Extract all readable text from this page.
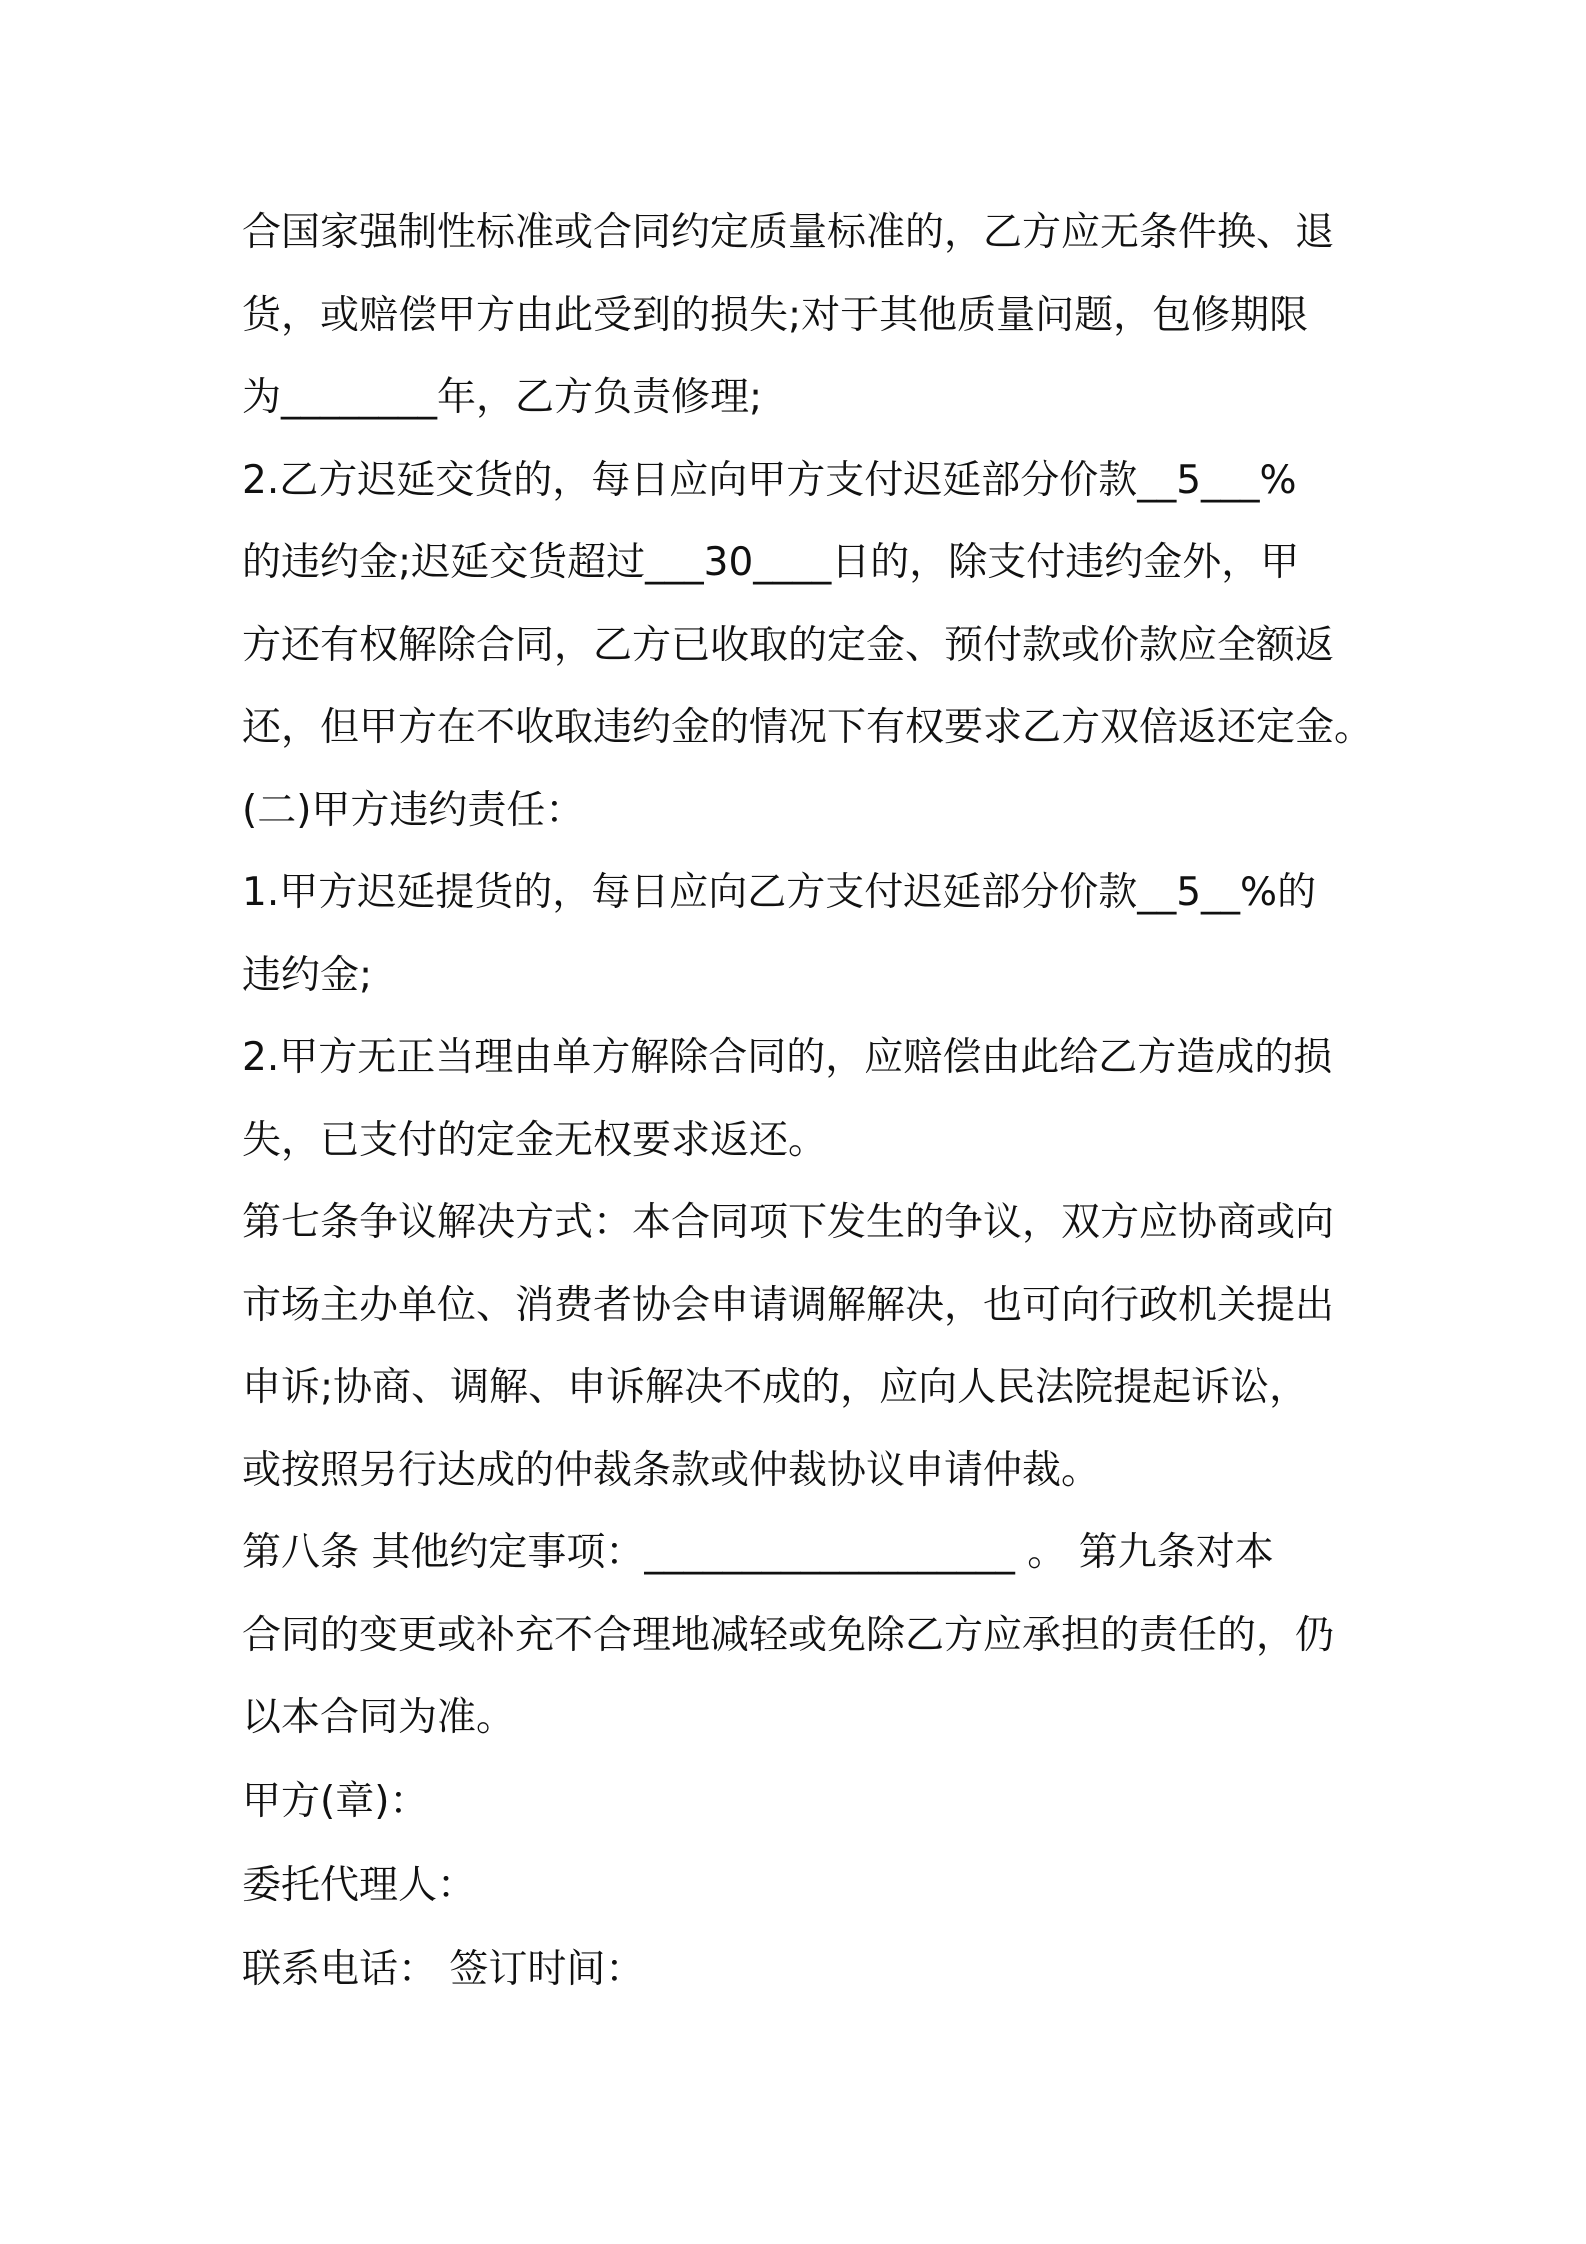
合国家强制性标准或合同约定质量标准的，乙方应无条件换、退
货，或赔偿甲方由此受到的损失;对于其他质量问题，包修期限
为________年，乙方负责修理;
2.乙方迟延交货的，每日应向甲方支付迟延部分价款__5___%
的违约金;迟延交货超过___30____日的，除支付违约金外，甲
方还有权解除合同，乙方已收取的定金、预付款或价款应全额返
还，但甲方在不收取违约金的情况下有权要求乙方双倍返还定金。
(二)甲方违约责任：
1.甲方迟延提货的，每日应向乙方支付迟延部分价款__5__%的
违约金;
2.甲方无正当理由单方解除合同的，应赔偿由此给乙方造成的损
失，已支付的定金无权要求返还。
第七条争议解决方式：本合同项下发生的争议，双方应协商或向
市场主办单位、消费者协会申请调解解决，也可向行政机关提出
申诉;协商、调解、申诉解决不成的，应向人民法院提起诉讼，
或按照另行达成的仲裁条款或仲裁协议申请仲裁。
第八条 其他约定事项：___________________ 。 第九条对本
合同的变更或补充不合理地减轻或免除乙方应承担的责任的，仍
以本合同为准。
甲方(章)：
委托代理人：
联系电话： 签订时间：
